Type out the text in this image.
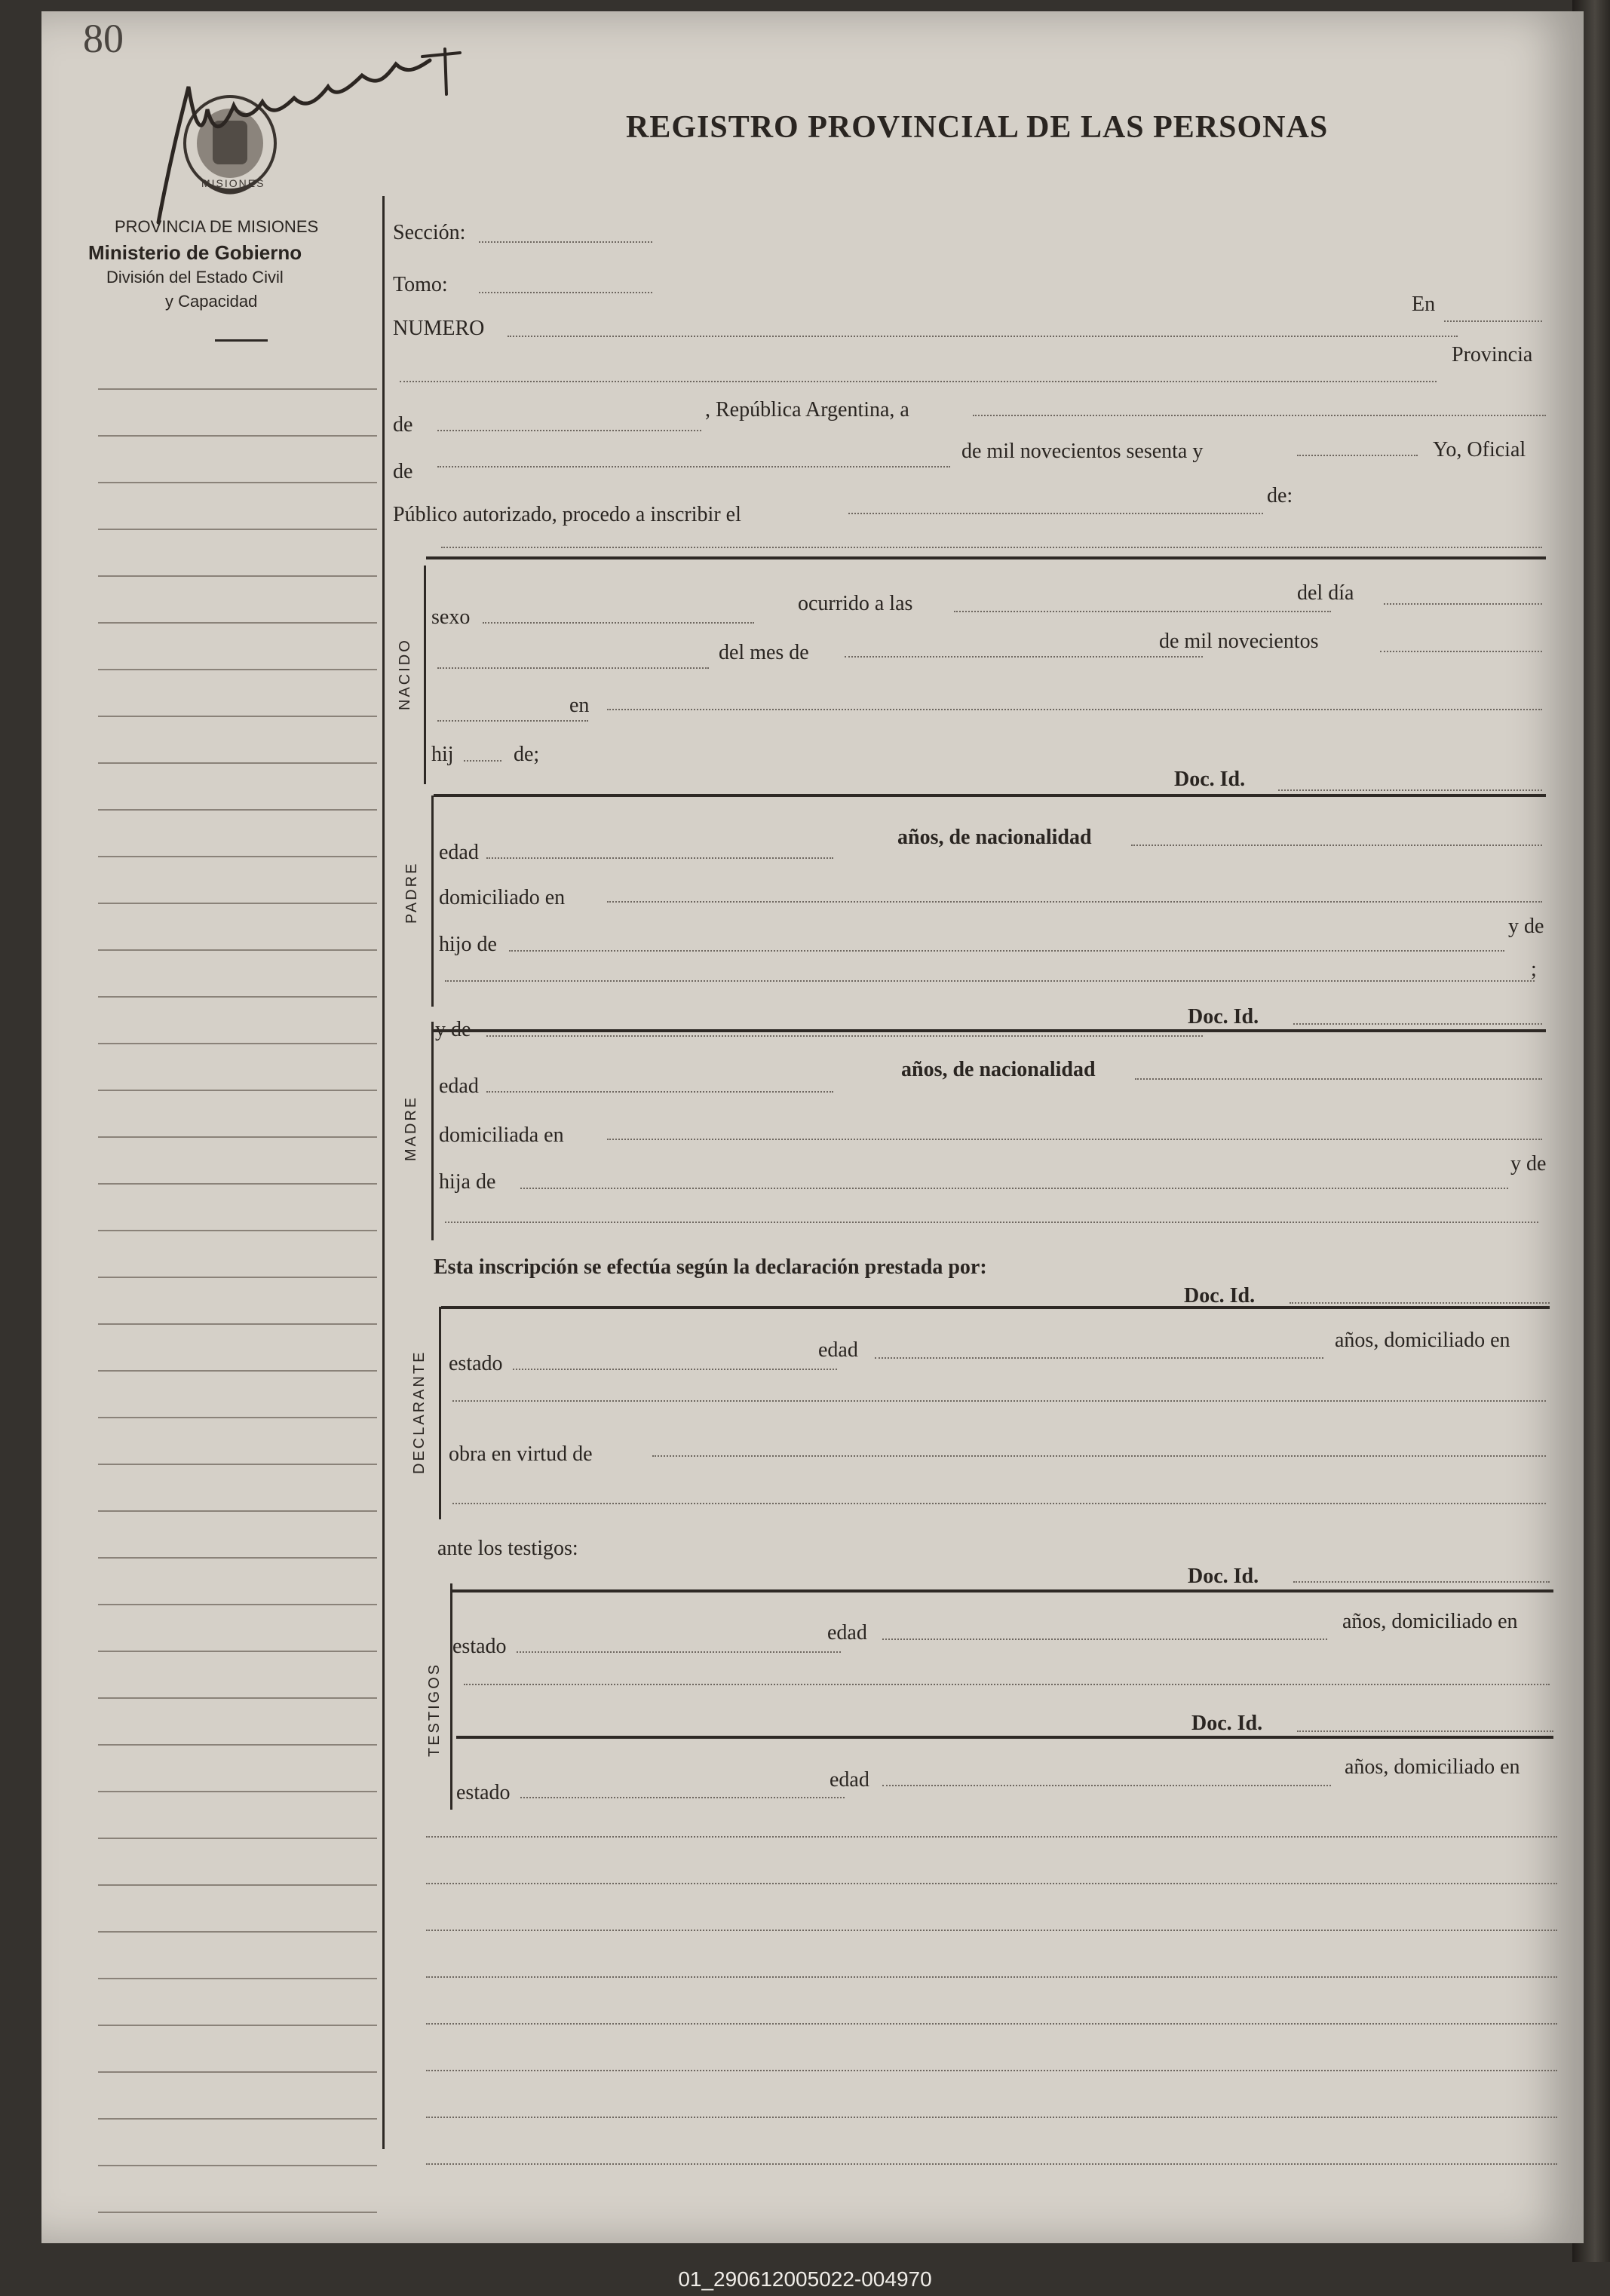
80
MISIONES
REGISTRO PROVINCIAL DE LAS PERSONAS
PROVINCIA DE MISIONES
Ministerio de Gobierno
División del Estado Civil
y Capacidad
Sección:
Tomo:
NUMERO
En
Provincia
de
, República Argentina, a
de
de mil novecientos sesenta y	Yo, Oficial
Público autorizado, procedo a inscribir el
de:
NACIDO
sexo
ocurrido a las	del día
del mes de	de mil novecientos
en
hij	de;
Doc. Id.
PADRE
edad
años, de nacionalidad
domiciliado en
hijo de
y de
;
y de
Doc. Id.
MADRE
edad
años, de nacionalidad
domiciliada en
hija de
y de
Esta inscripción se efectúa según la declaración prestada por:
Doc. Id.
DECLARANTE estado
edad	años, domiciliado en
obra en virtud de
ante los testigos:
Doc. Id.
TESTIGOS
estado
edad	años, domiciliado en
Doc. Id.
estado
edad
años, domiciliado en
01_290612005022-004970
